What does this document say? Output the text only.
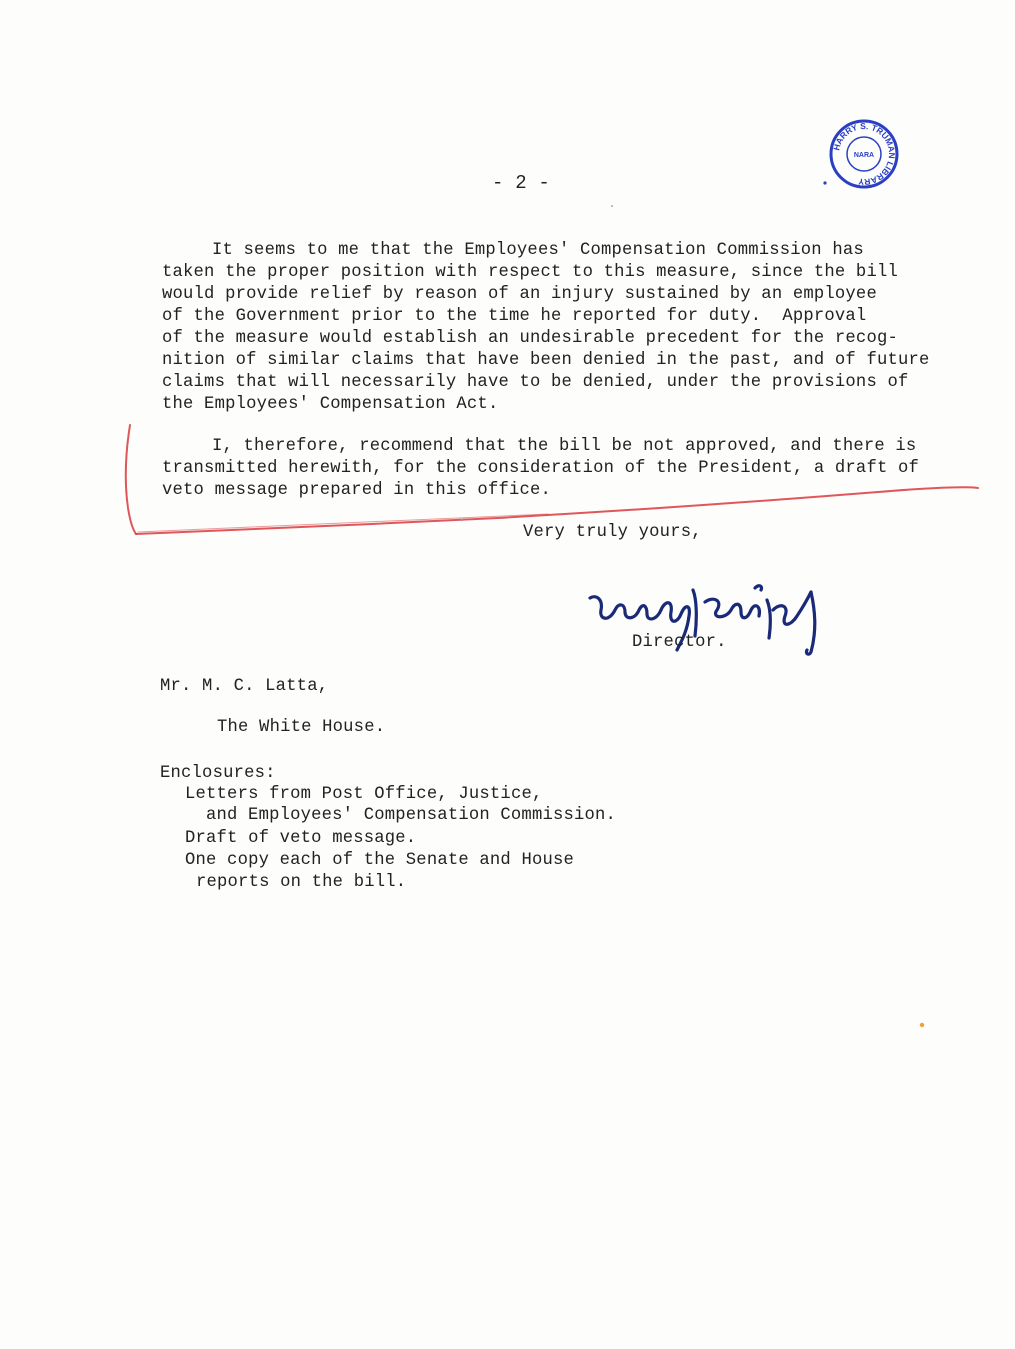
HARRY S. TRUMAN LIBRARY
NARA
- 2 -
It seems to me that the Employees' Compensation Commission has
taken the proper position with respect to this measure, since the bill
would provide relief by reason of an injury sustained by an employee
of the Government prior to the time he reported for duty.  Approval
of the measure would establish an undesirable precedent for the recog-
nition of similar claims that have been denied in the past, and of future
claims that will necessarily have to be denied, under the provisions of
the Employees' Compensation Act.
I, therefore, recommend that the bill be not approved, and there is
transmitted herewith, for the consideration of the President, a draft of
veto message prepared in this office.
Very truly yours,
Director.
Mr. M. C. Latta,
The White House.
Enclosures:
Letters from Post Office, Justice,
and Employees' Compensation Commission.
Draft of veto message.
One copy each of the Senate and House
reports on the bill.
